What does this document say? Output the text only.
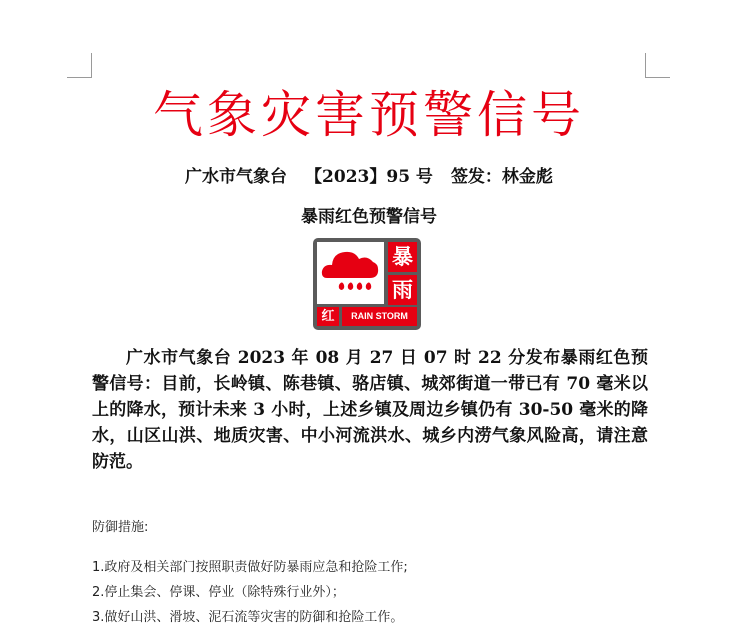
气象灾害预警信号
广水市气象台 【2023】95 号 签发：林金彪
暴雨红色预警信号
暴
雨
红	RAIN STORM

广水市气象台 2023 年 08 月 27 日 07 时 22 分发布暴雨红色预警信号：目前，长岭镇、陈巷镇、骆店镇、城郊街道一带已有 70 毫米以上的降水，预计未来 3 小时，上述乡镇及周边乡镇仍有 30-50 毫米的降水，山区山洪、地质灾害、中小河流洪水、城乡内涝气象风险高，请注意防范。

防御措施:

1.政府及相关部门按照职责做好防暴雨应急和抢险工作;
2.停止集会、停课、停业（除特殊行业外）；
3.做好山洪、滑坡、泥石流等灾害的防御和抢险工作。
